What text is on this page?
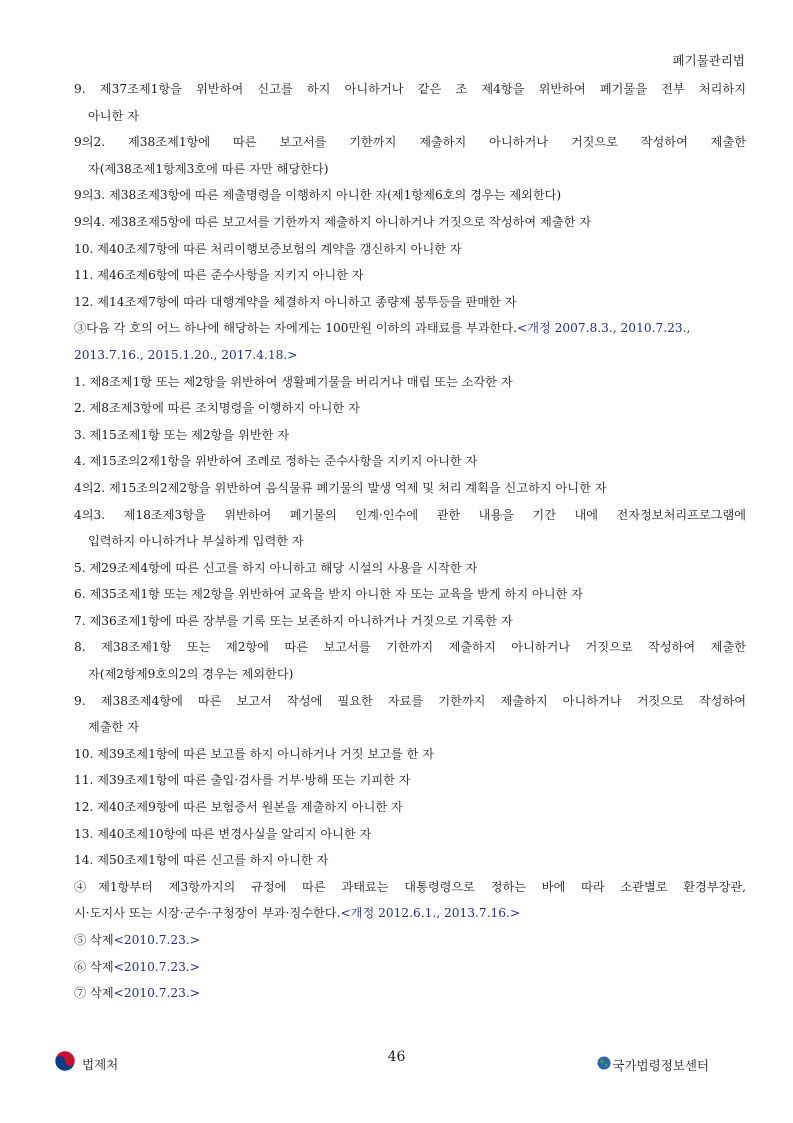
폐기물관리법
9. 제37조제1항을 위반하여 신고를 하지 아니하거나 같은 조 제4항을 위반하여 폐기물을 전부 처리하지
아니한 자
9의2. 제38조제1항에 따른 보고서를 기한까지 제출하지 아니하거나 거짓으로 작성하여 제출한
자(제38조제1항제3호에 따른 자만 해당한다)
9의3. 제38조제3항에 따른 제출명령을 이행하지 아니한 자(제1항제6호의 경우는 제외한다)
9의4. 제38조제5항에 따른 보고서를 기한까지 제출하지 아니하거나 거짓으로 작성하여 제출한 자
10. 제40조제7항에 따른 처리이행보증보험의 계약을 갱신하지 아니한 자
11. 제46조제6항에 따른 준수사항을 지키지 아니한 자
12. 제14조제7항에 따라 대행계약을 체결하지 아니하고 종량제 봉투등을 판매한 자
③다음 각 호의 어느 하나에 해당하는 자에게는 100만원 이하의 과태료를 부과한다.<개정 2007.8.3., 2010.7.23.,
2013.7.16., 2015.1.20., 2017.4.18.>
1. 제8조제1항 또는 제2항을 위반하여 생활폐기물을 버리거나 매립 또는 소각한 자
2. 제8조제3항에 따른 조치명령을 이행하지 아니한 자
3. 제15조제1항 또는 제2항을 위반한 자
4. 제15조의2제1항을 위반하여 조례로 정하는 준수사항을 지키지 아니한 자
4의2. 제15조의2제2항을 위반하여 음식물류 폐기물의 발생 억제 및 처리 계획을 신고하지 아니한 자
4의3. 제18조제3항을 위반하여 폐기물의 인계·인수에 관한 내용을 기간 내에 전자정보처리프로그램에
입력하지 아니하거나 부실하게 입력한 자
5. 제29조제4항에 따른 신고를 하지 아니하고 해당 시설의 사용을 시작한 자
6. 제35조제1항 또는 제2항을 위반하여 교육을 받지 아니한 자 또는 교육을 받게 하지 아니한 자
7. 제36조제1항에 따른 장부를 기록 또는 보존하지 아니하거나 거짓으로 기록한 자
8. 제38조제1항 또는 제2항에 따른 보고서를 기한까지 제출하지 아니하거나 거짓으로 작성하여 제출한
자(제2항제9호의2의 경우는 제외한다)
9. 제38조제4항에 따른 보고서 작성에 필요한 자료를 기한까지 제출하지 아니하거나 거짓으로 작성하여
제출한 자
10. 제39조제1항에 따른 보고를 하지 아니하거나 거짓 보고를 한 자
11. 제39조제1항에 따른 출입·검사를 거부·방해 또는 기피한 자
12. 제40조제9항에 따른 보험증서 원본을 제출하지 아니한 자
13. 제40조제10항에 따른 변경사실을 알리지 아니한 자
14. 제50조제1항에 따른 신고를 하지 아니한 자
④제1항부터 제3항까지의 규정에 따른 과태료는 대통령령으로 정하는 바에 따라 소관별로 환경부장관,
시·도지사 또는 시장·군수·구청장이 부과·징수한다.<개정 2012.6.1., 2013.7.16.>
⑤ 삭제<2010.7.23.>
⑥ 삭제<2010.7.23.>
⑦ 삭제<2010.7.23.>
법제처	46
국가법령정보센터
